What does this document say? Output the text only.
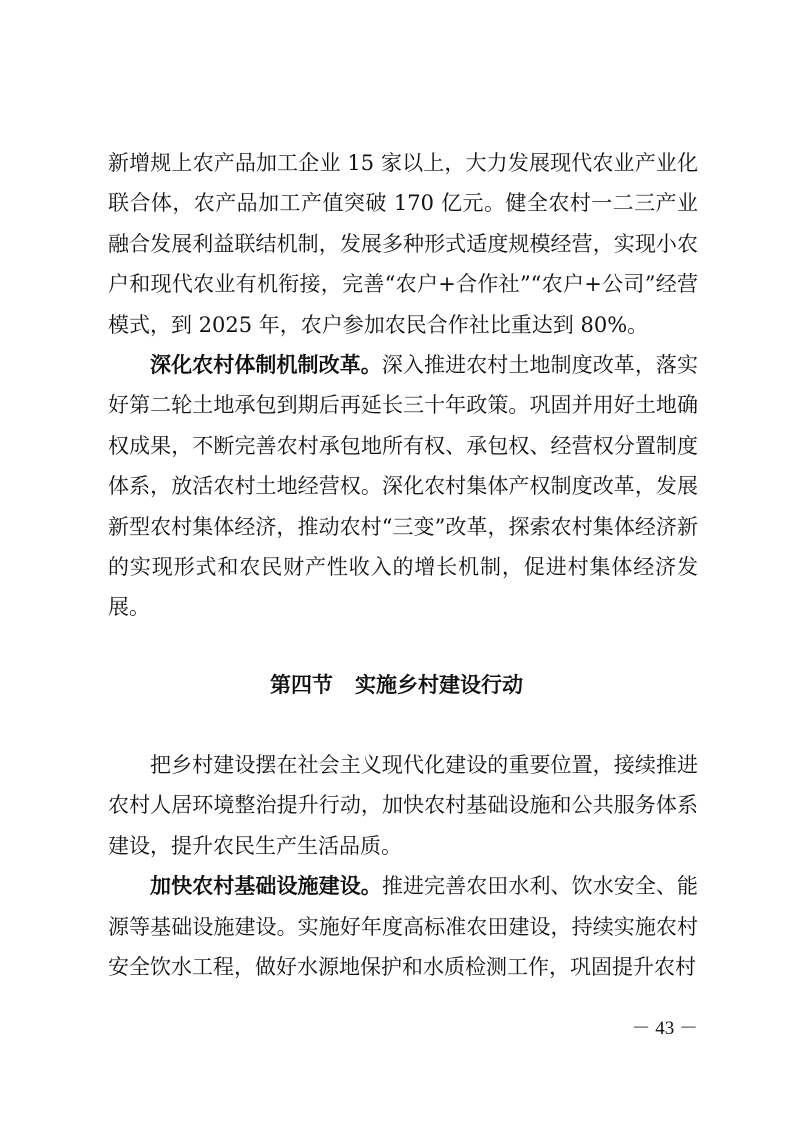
新增规上农产品加工企业 15 家以上，大力发展现代农业产业化联合体，农产品加工产值突破 170 亿元。健全农村一二三产业融合发展利益联结机制，发展多种形式适度规模经营，实现小农户和现代农业有机衔接，完善“农户+合作社”“农户+公司”经营模式，到 2025 年，农户参加农民合作社比重达到 80%。

深化农村体制机制改革。深入推进农村土地制度改革，落实好第二轮土地承包到期后再延长三十年政策。巩固并用好土地确权成果，不断完善农村承包地所有权、承包权、经营权分置制度体系，放活农村土地经营权。深化农村集体产权制度改革，发展新型农村集体经济，推动农村“三变”改革，探索农村集体经济新的实现形式和农民财产性收入的增长机制，促进村集体经济发展。

第四节 实施乡村建设行动

把乡村建设摆在社会主义现代化建设的重要位置，接续推进农村人居环境整治提升行动，加快农村基础设施和公共服务体系建设，提升农民生产生活品质。

加快农村基础设施建设。推进完善农田水利、饮水安全、能源等基础设施建设。实施好年度高标准农田建设，持续实施农村安全饮水工程，做好水源地保护和水质检测工作，巩固提升农村

－ 43 －
